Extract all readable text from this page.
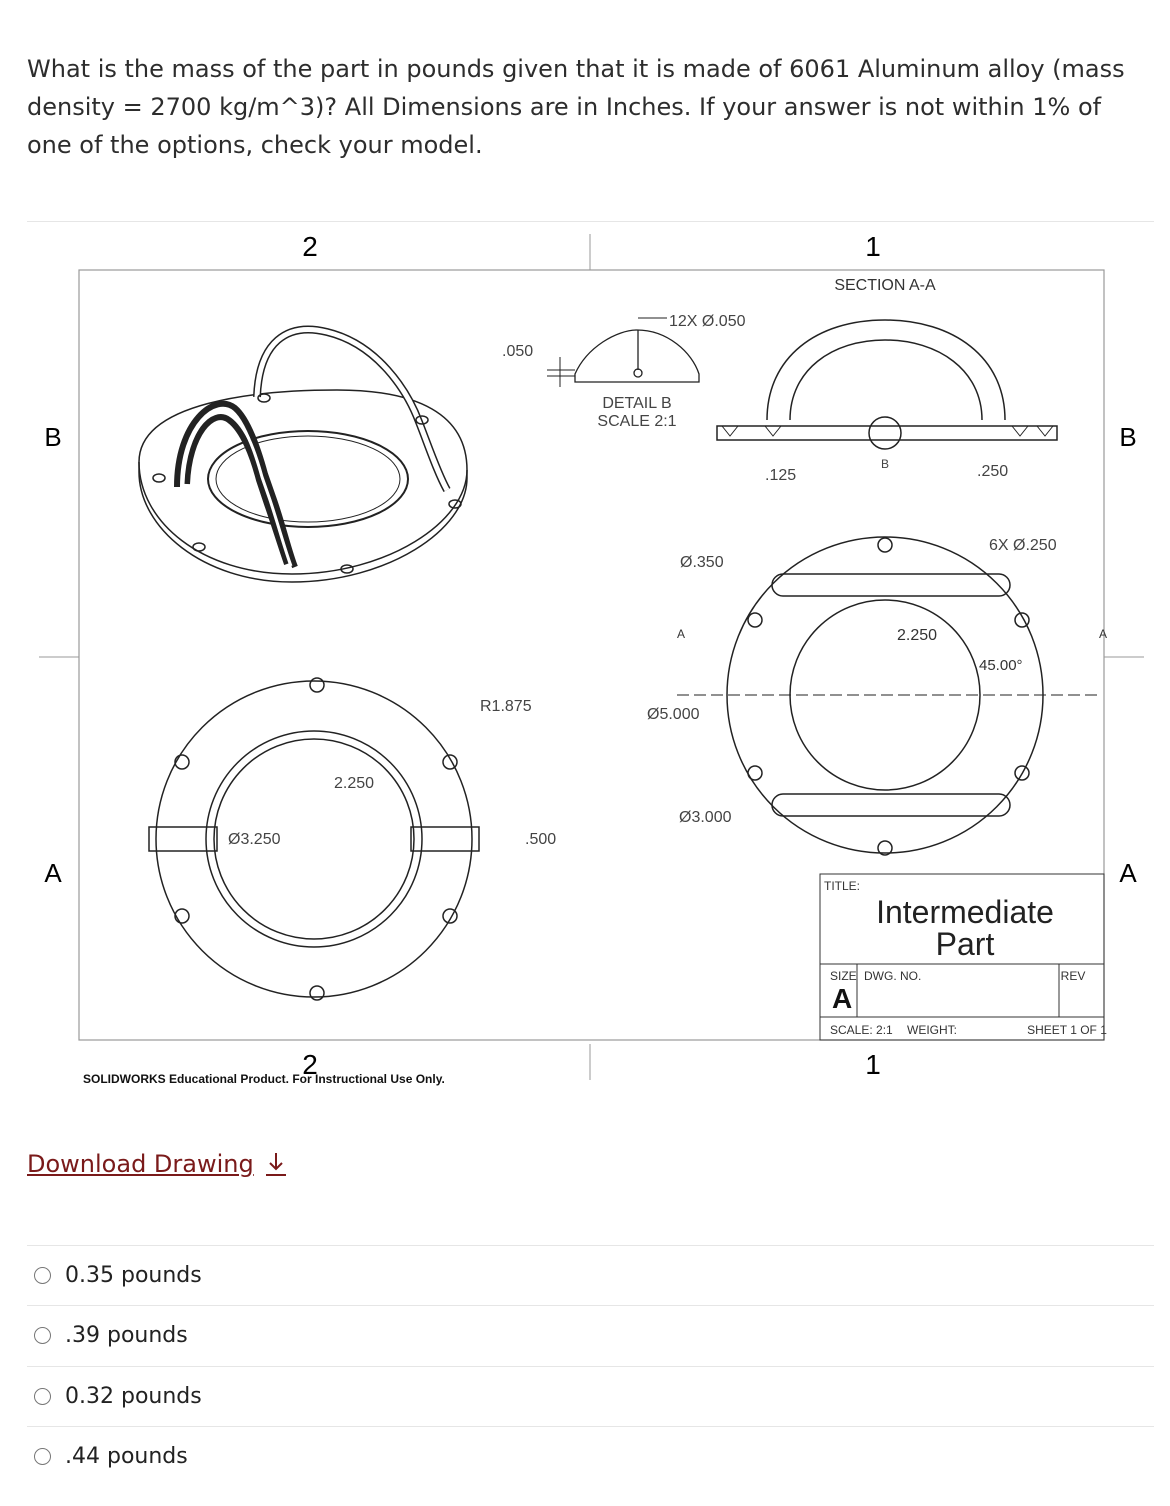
What is the mass of the part in pounds given that it is made of 6061 Aluminum alloy (mass density = 2700 kg/m^3)? All Dimensions are in Inches. If your answer is not within 1% of one of the options, check your model.

2	1
B	B
A	A
12X Ø.050
.050
DETAIL B
SCALE 2:1
SECTION A-A
.125	.250
B
6X Ø.250
Ø.350
2.250
45.00°
A	A
Ø5.000
Ø3.000
R1.875
2.250
Ø3.250	.500
TITLE:
Intermediate
Part
SIZE DWG. NO.	REV
A
SCALE: 2:1 WEIGHT:	SHEET 1 OF 1
2	1
SOLIDWORKS Educational Product. For Instructional Use Only.
Download Drawing
0.35 pounds
.39 pounds
0.32 pounds
.44 pounds
